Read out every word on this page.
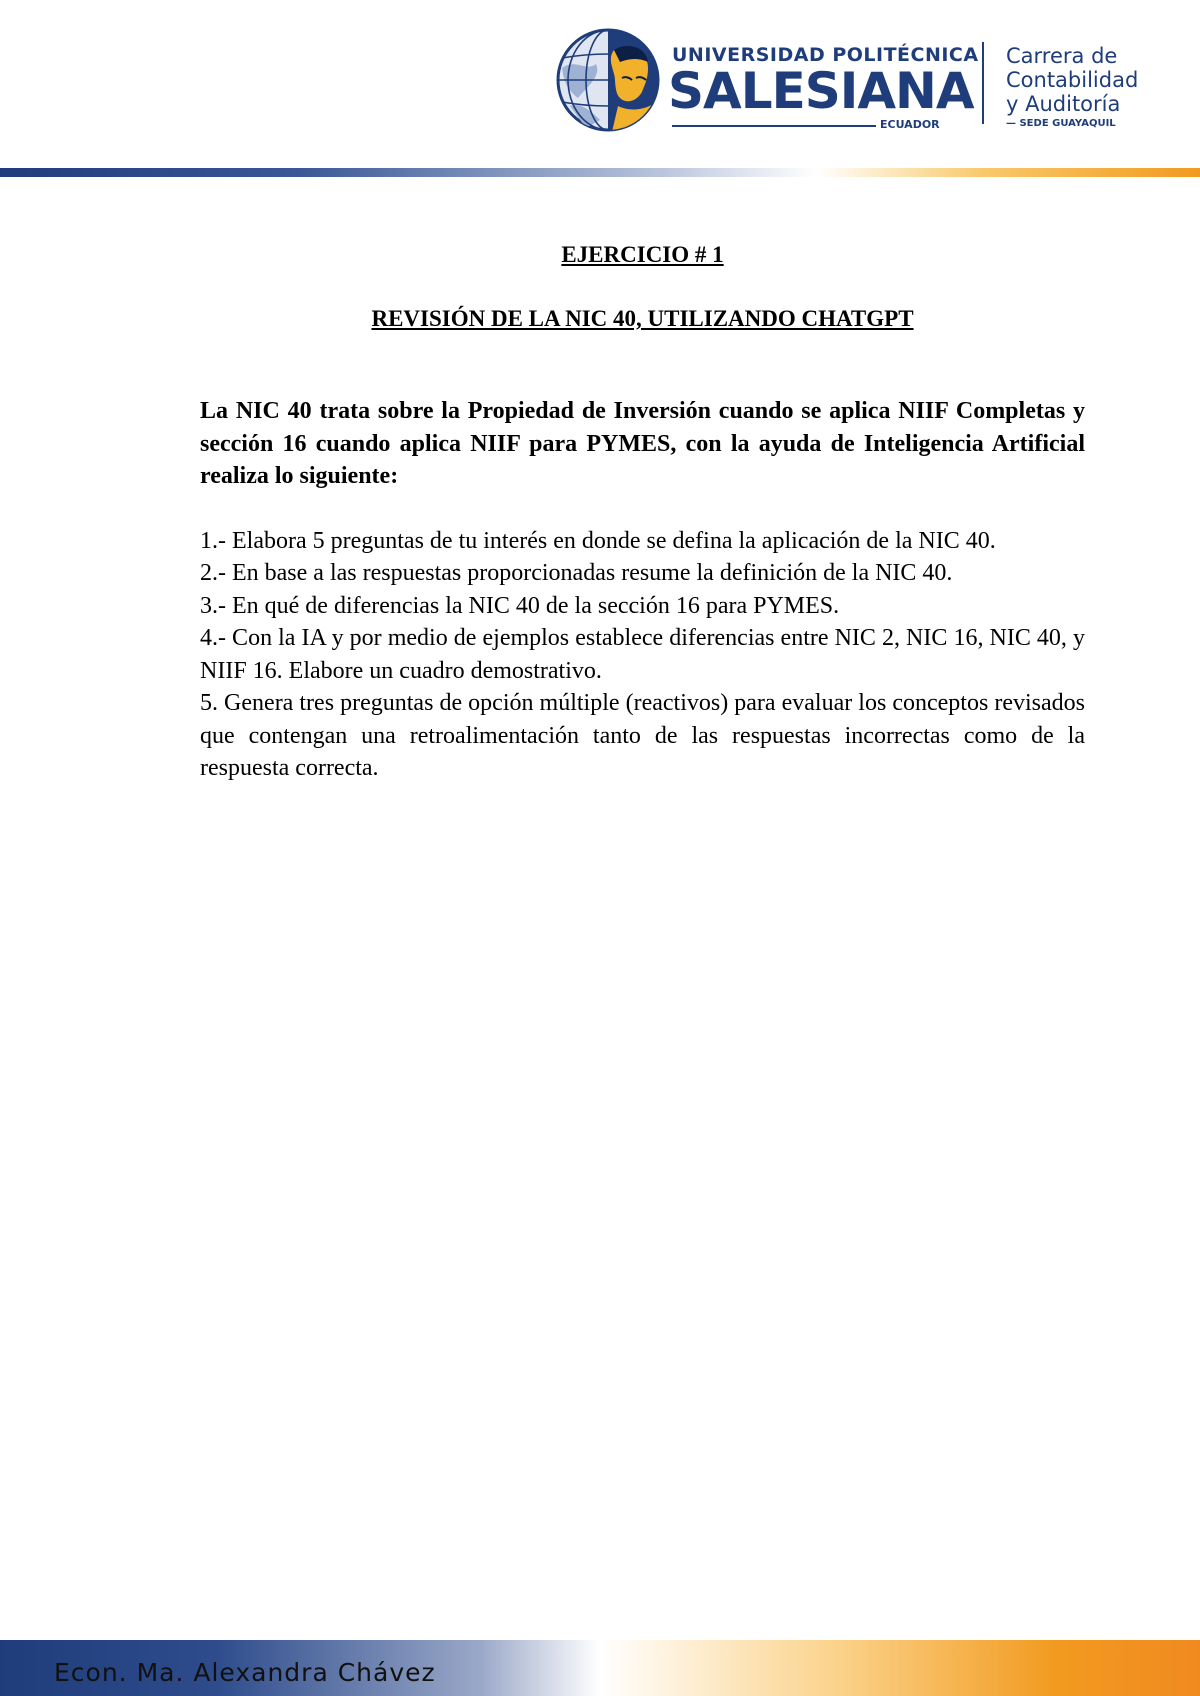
UNIVERSIDAD POLITÉCNICA
SALESIANA
ECUADOR
Carrera de
Contabilidad
y Auditoría
— SEDE GUAYAQUIL

EJERCICIO # 1

REVISIÓN DE LA NIC 40, UTILIZANDO CHATGPT

La NIC 40 trata sobre la Propiedad de Inversión cuando se aplica NIIF Completas y sección 16 cuando aplica NIIF para PYMES, con la ayuda de Inteligencia Artificial realiza lo siguiente:

1.- Elabora 5 preguntas de tu interés en donde se defina la aplicación de la NIC 40.
2.- En base a las respuestas proporcionadas resume la definición de la NIC 40.
3.- En qué de diferencias la NIC 40 de la sección 16 para PYMES.
4.- Con la IA y por medio de ejemplos establece diferencias entre NIC 2, NIC 16, NIC 40, y NIIF 16. Elabore un cuadro demostrativo.
5. Genera tres preguntas de opción múltiple (reactivos) para evaluar los conceptos revisados que contengan una retroalimentación tanto de las respuestas incorrectas como de la respuesta correcta.
Econ. Ma. Alexandra Chávez
